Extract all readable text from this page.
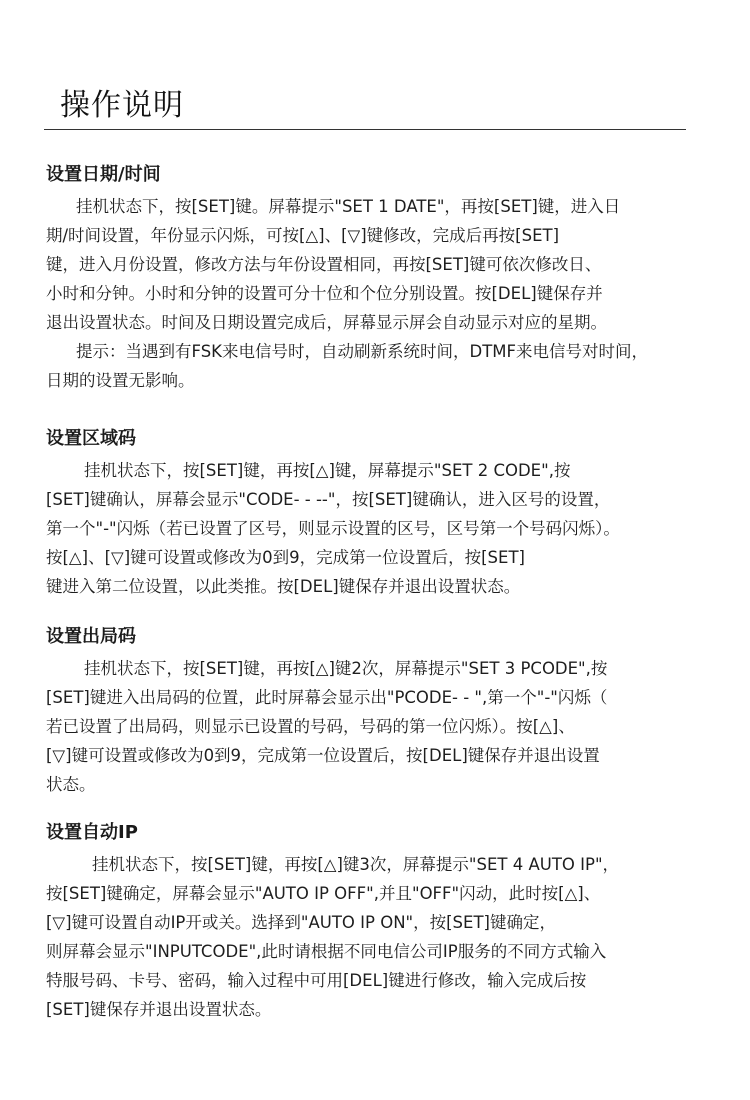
操作说明
设置日期/时间
挂机状态下，按[SET]键。屏幕提示"SET 1 DATE"，再按[SET]键，进入日
期/时间设置，年份显示闪烁，可按[△]、[▽]键修改，完成后再按[SET]
键，进入月份设置，修改方法与年份设置相同，再按[SET]键可依次修改日、
小时和分钟。小时和分钟的设置可分十位和个位分别设置。按[DEL]键保存并
退出设置状态。时间及日期设置完成后，屏幕显示屏会自动显示对应的星期。
提示：当遇到有FSK来电信号时，自动刷新系统时间，DTMF来电信号对时间，
日期的设置无影响。
设置区域码
挂机状态下，按[SET]键，再按[△]键，屏幕提示"SET 2 CODE",按
[SET]键确认，屏幕会显示"CODE- - --"，按[SET]键确认，进入区号的设置，
第一个"-"闪烁（若已设置了区号，则显示设置的区号，区号第一个号码闪烁）。
按[△]、[▽]键可设置或修改为0到9，完成第一位设置后，按[SET]
键进入第二位设置，以此类推。按[DEL]键保存并退出设置状态。
设置出局码
挂机状态下，按[SET]键，再按[△]键2次，屏幕提示"SET 3 PCODE",按
[SET]键进入出局码的位置，此时屏幕会显示出"PCODE- - ",第一个"-"闪烁（
若已设置了出局码，则显示已设置的号码，号码的第一位闪烁）。按[△]、
[▽]键可设置或修改为0到9，完成第一位设置后，按[DEL]键保存并退出设置
状态。
设置自动IP
挂机状态下，按[SET]键，再按[△]键3次，屏幕提示"SET 4 AUTO IP"，
按[SET]键确定，屏幕会显示"AUTO IP OFF",并且"OFF"闪动，此时按[△]、
[▽]键可设置自动IP开或关。选择到"AUTO IP ON"，按[SET]键确定，
则屏幕会显示"INPUTCODE",此时请根据不同电信公司IP服务的不同方式输入
特服号码、卡号、密码，输入过程中可用[DEL]键进行修改，输入完成后按
[SET]键保存并退出设置状态。
